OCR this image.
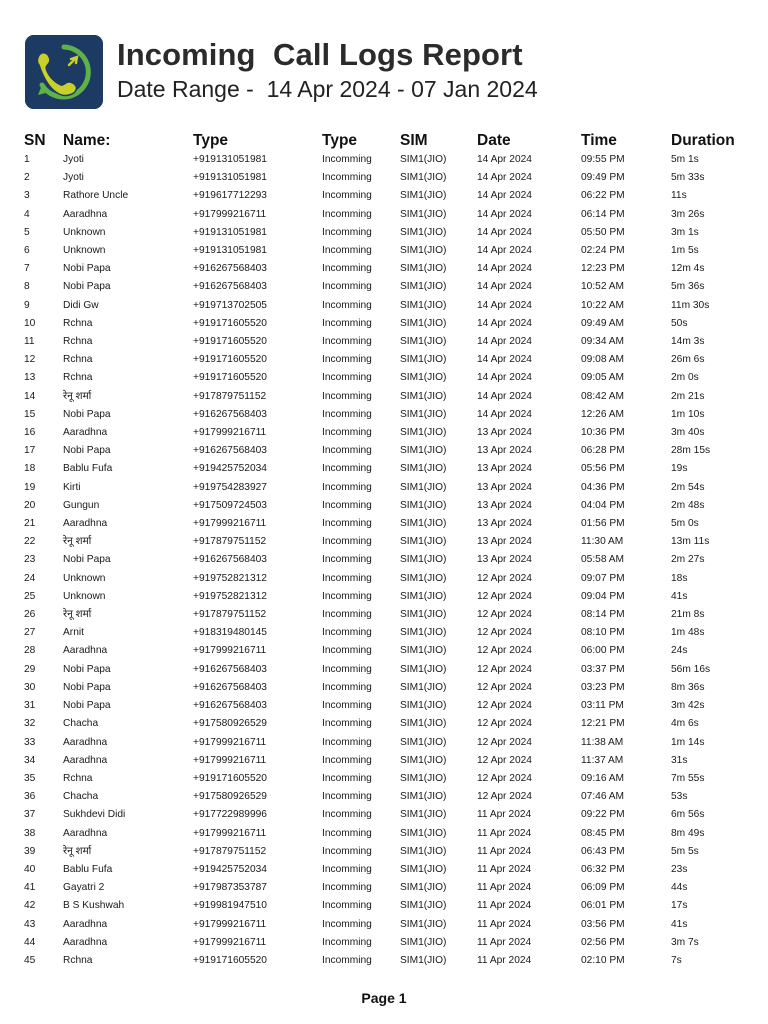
Incoming  Call Logs Report
Date Range -  14 Apr 2024 - 07 Jan 2024
SN	Name:	Type	Type	SIM	Date	Time	Duration
1	Jyoti	+919131051981	Incomming	SIM1(JIO)	14 Apr 2024	09:55 PM	5m 1s
2	Jyoti	+919131051981	Incomming	SIM1(JIO)	14 Apr 2024	09:49 PM	5m 33s
3	Rathore Uncle	+919617712293	Incomming	SIM1(JIO)	14 Apr 2024	06:22 PM	11s
4	Aaradhna	+917999216711	Incomming	SIM1(JIO)	14 Apr 2024	06:14 PM	3m 26s
5	Unknown	+919131051981	Incomming	SIM1(JIO)	14 Apr 2024	05:50 PM	3m 1s
6	Unknown	+919131051981	Incomming	SIM1(JIO)	14 Apr 2024	02:24 PM	1m 5s
7	Nobi Papa	+916267568403	Incomming	SIM1(JIO)	14 Apr 2024	12:23 PM	12m 4s
8	Nobi Papa	+916267568403	Incomming	SIM1(JIO)	14 Apr 2024	10:52 AM	5m 36s
9	Didi Gw	+919713702505	Incomming	SIM1(JIO)	14 Apr 2024	10:22 AM	11m 30s
10	Rchna	+919171605520	Incomming	SIM1(JIO)	14 Apr 2024	09:49 AM	50s
11	Rchna	+919171605520	Incomming	SIM1(JIO)	14 Apr 2024	09:34 AM	14m 3s
12	Rchna	+919171605520	Incomming	SIM1(JIO)	14 Apr 2024	09:08 AM	26m 6s
13	Rchna	+919171605520	Incomming	SIM1(JIO)	14 Apr 2024	09:05 AM	2m 0s
14	रेनू शर्मा	+917879751152	Incomming	SIM1(JIO)	14 Apr 2024	08:42 AM	2m 21s
15	Nobi Papa	+916267568403	Incomming	SIM1(JIO)	14 Apr 2024	12:26 AM	1m 10s
16	Aaradhna	+917999216711	Incomming	SIM1(JIO)	13 Apr 2024	10:36 PM	3m 40s
17	Nobi Papa	+916267568403	Incomming	SIM1(JIO)	13 Apr 2024	06:28 PM	28m 15s
18	Bablu Fufa	+919425752034	Incomming	SIM1(JIO)	13 Apr 2024	05:56 PM	19s
19	Kirti	+919754283927	Incomming	SIM1(JIO)	13 Apr 2024	04:36 PM	2m 54s
20	Gungun	+917509724503	Incomming	SIM1(JIO)	13 Apr 2024	04:04 PM	2m 48s
21	Aaradhna	+917999216711	Incomming	SIM1(JIO)	13 Apr 2024	01:56 PM	5m 0s
22	रेनू शर्मा	+917879751152	Incomming	SIM1(JIO)	13 Apr 2024	11:30 AM	13m 11s
23	Nobi Papa	+916267568403	Incomming	SIM1(JIO)	13 Apr 2024	05:58 AM	2m 27s
24	Unknown	+919752821312	Incomming	SIM1(JIO)	12 Apr 2024	09:07 PM	18s
25	Unknown	+919752821312	Incomming	SIM1(JIO)	12 Apr 2024	09:04 PM	41s
26	रेनू शर्मा	+917879751152	Incomming	SIM1(JIO)	12 Apr 2024	08:14 PM	21m 8s
27	Arnit	+918319480145	Incomming	SIM1(JIO)	12 Apr 2024	08:10 PM	1m 48s
28	Aaradhna	+917999216711	Incomming	SIM1(JIO)	12 Apr 2024	06:00 PM	24s
29	Nobi Papa	+916267568403	Incomming	SIM1(JIO)	12 Apr 2024	03:37 PM	56m 16s
30	Nobi Papa	+916267568403	Incomming	SIM1(JIO)	12 Apr 2024	03:23 PM	8m 36s
31	Nobi Papa	+916267568403	Incomming	SIM1(JIO)	12 Apr 2024	03:11 PM	3m 42s
32	Chacha	+917580926529	Incomming	SIM1(JIO)	12 Apr 2024	12:21 PM	4m 6s
33	Aaradhna	+917999216711	Incomming	SIM1(JIO)	12 Apr 2024	11:38 AM	1m 14s
34	Aaradhna	+917999216711	Incomming	SIM1(JIO)	12 Apr 2024	11:37 AM	31s
35	Rchna	+919171605520	Incomming	SIM1(JIO)	12 Apr 2024	09:16 AM	7m 55s
36	Chacha	+917580926529	Incomming	SIM1(JIO)	12 Apr 2024	07:46 AM	53s
37	Sukhdevi Didi	+917722989996	Incomming	SIM1(JIO)	11 Apr 2024	09:22 PM	6m 56s
38	Aaradhna	+917999216711	Incomming	SIM1(JIO)	11 Apr 2024	08:45 PM	8m 49s
39	रेनू शर्मा	+917879751152	Incomming	SIM1(JIO)	11 Apr 2024	06:43 PM	5m 5s
40	Bablu Fufa	+919425752034	Incomming	SIM1(JIO)	11 Apr 2024	06:32 PM	23s
41	Gayatri 2	+917987353787	Incomming	SIM1(JIO)	11 Apr 2024	06:09 PM	44s
42	B S Kushwah	+919981947510	Incomming	SIM1(JIO)	11 Apr 2024	06:01 PM	17s
43	Aaradhna	+917999216711	Incomming	SIM1(JIO)	11 Apr 2024	03:56 PM	41s
44	Aaradhna	+917999216711	Incomming	SIM1(JIO)	11 Apr 2024	02:56 PM	3m 7s
45	Rchna	+919171605520	Incomming	SIM1(JIO)	11 Apr 2024	02:10 PM	7s
Page 1
